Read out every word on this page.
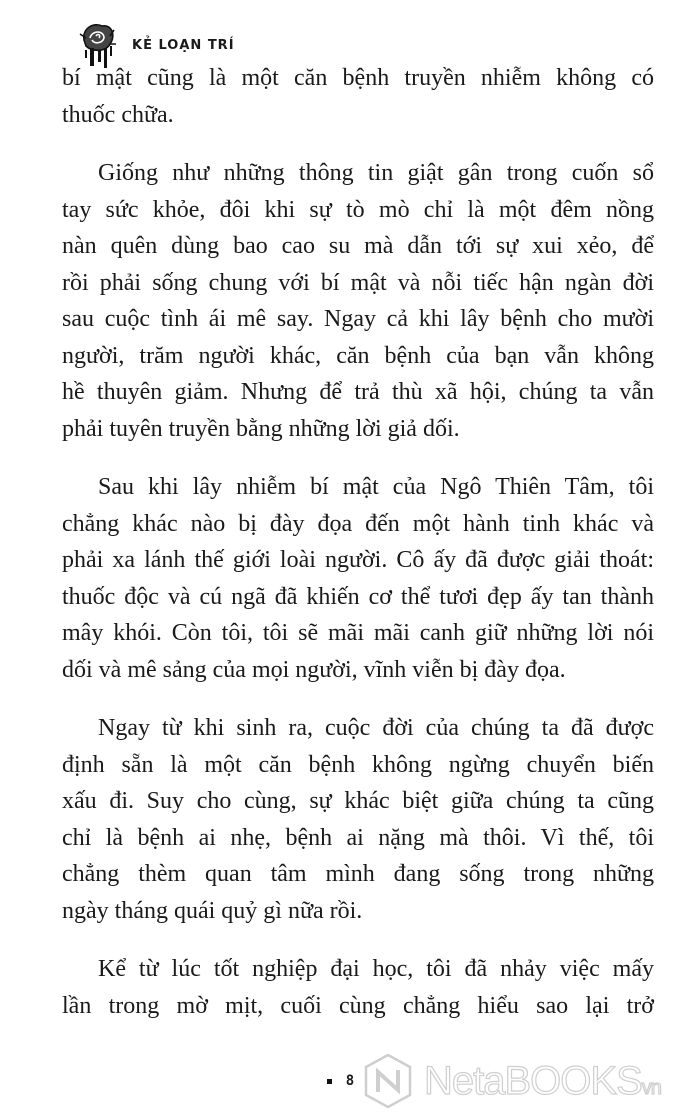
KẺ LOẠN TRÍ
bí mật cũng là một căn bệnh truyền nhiễm không có
thuốc chữa.
Giống như những thông tin giật gân trong cuốn sổ
tay sức khỏe, đôi khi sự tò mò chỉ là một đêm nồng
nàn quên dùng bao cao su mà dẫn tới sự xui xẻo, để
rồi phải sống chung với bí mật và nỗi tiếc hận ngàn đời
sau cuộc tình ái mê say. Ngay cả khi lây bệnh cho mười
người, trăm người khác, căn bệnh của bạn vẫn không
hề thuyên giảm. Nhưng để trả thù xã hội, chúng ta vẫn
phải tuyên truyền bằng những lời giả dối.
Sau khi lây nhiễm bí mật của Ngô Thiên Tâm, tôi
chẳng khác nào bị đày đọa đến một hành tinh khác và
phải xa lánh thế giới loài người. Cô ấy đã được giải thoát:
thuốc độc và cú ngã đã khiến cơ thể tươi đẹp ấy tan thành
mây khói. Còn tôi, tôi sẽ mãi mãi canh giữ những lời nói
dối và mê sảng của mọi người, vĩnh viễn bị đày đọa.
Ngay từ khi sinh ra, cuộc đời của chúng ta đã được
định sẵn là một căn bệnh không ngừng chuyển biến
xấu đi. Suy cho cùng, sự khác biệt giữa chúng ta cũng
chỉ là bệnh ai nhẹ, bệnh ai nặng mà thôi. Vì thế, tôi
chẳng thèm quan tâm mình đang sống trong những
ngày tháng quái quỷ gì nữa rồi.
Kể từ lúc tốt nghiệp đại học, tôi đã nhảy việc mấy
lần trong mờ mịt, cuối cùng chẳng hiểu sao lại trở
8 NetaBOOKSvn
